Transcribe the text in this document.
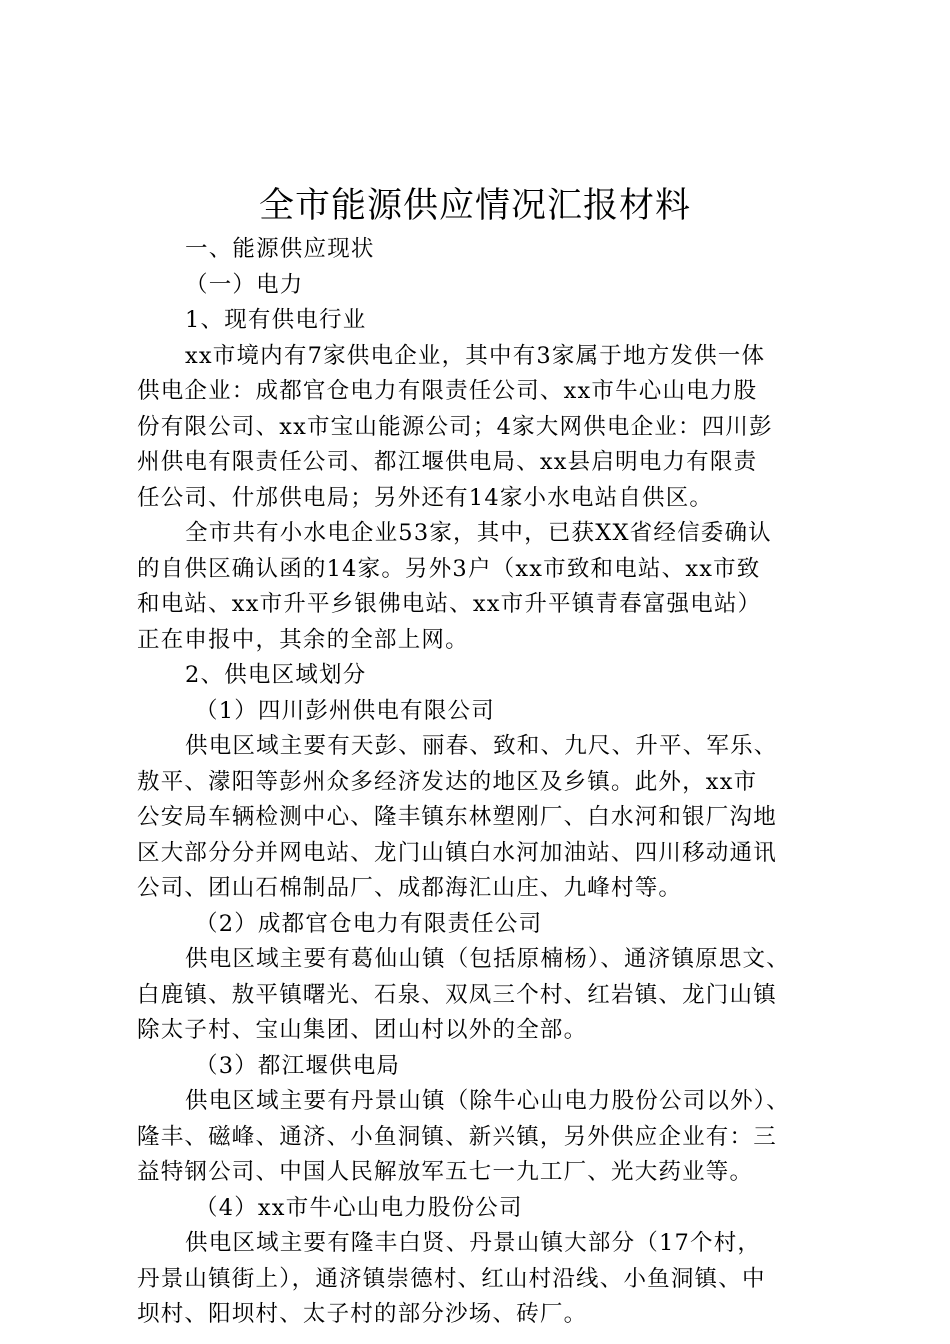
全市能源供应情况汇报材料
一、能源供应现状
（一）电力
1、现有供电行业
xx市境内有7家供电企业，其中有3家属于地方发供一体
供电企业：成都官仓电力有限责任公司、xx市牛心山电力股
份有限公司、xx市宝山能源公司；4家大网供电企业：四川彭
州供电有限责任公司、都江堰供电局、xx县启明电力有限责
任公司、什邡供电局；另外还有14家小水电站自供区。
全市共有小水电企业53家，其中，已获XX省经信委确认
的自供区确认函的14家。另外3户（xx市致和电站、xx市致
和电站、xx市升平乡银佛电站、xx市升平镇青春富强电站）
正在申报中，其余的全部上网。
2、供电区域划分
（1）四川彭州供电有限公司
供电区域主要有天彭、丽春、致和、九尺、升平、军乐、
敖平、濛阳等彭州众多经济发达的地区及乡镇。此外，xx市
公安局车辆检测中心、隆丰镇东林塑刚厂、白水河和银厂沟地
区大部分分并网电站、龙门山镇白水河加油站、四川移动通讯
公司、团山石棉制品厂、成都海汇山庄、九峰村等。
（2）成都官仓电力有限责任公司
供电区域主要有葛仙山镇（包括原楠杨）、通济镇原思文、
白鹿镇、敖平镇曙光、石泉、双凤三个村、红岩镇、龙门山镇
除太子村、宝山集团、团山村以外的全部。
（3）都江堰供电局
供电区域主要有丹景山镇（除牛心山电力股份公司以外）、
隆丰、磁峰、通济、小鱼洞镇、新兴镇，另外供应企业有：三
益特钢公司、中国人民解放军五七一九工厂、光大药业等。
（4）xx市牛心山电力股份公司
供电区域主要有隆丰白贤、丹景山镇大部分（17个村，
丹景山镇街上），通济镇崇德村、红山村沿线、小鱼洞镇、中
坝村、阳坝村、太子村的部分沙场、砖厂。
